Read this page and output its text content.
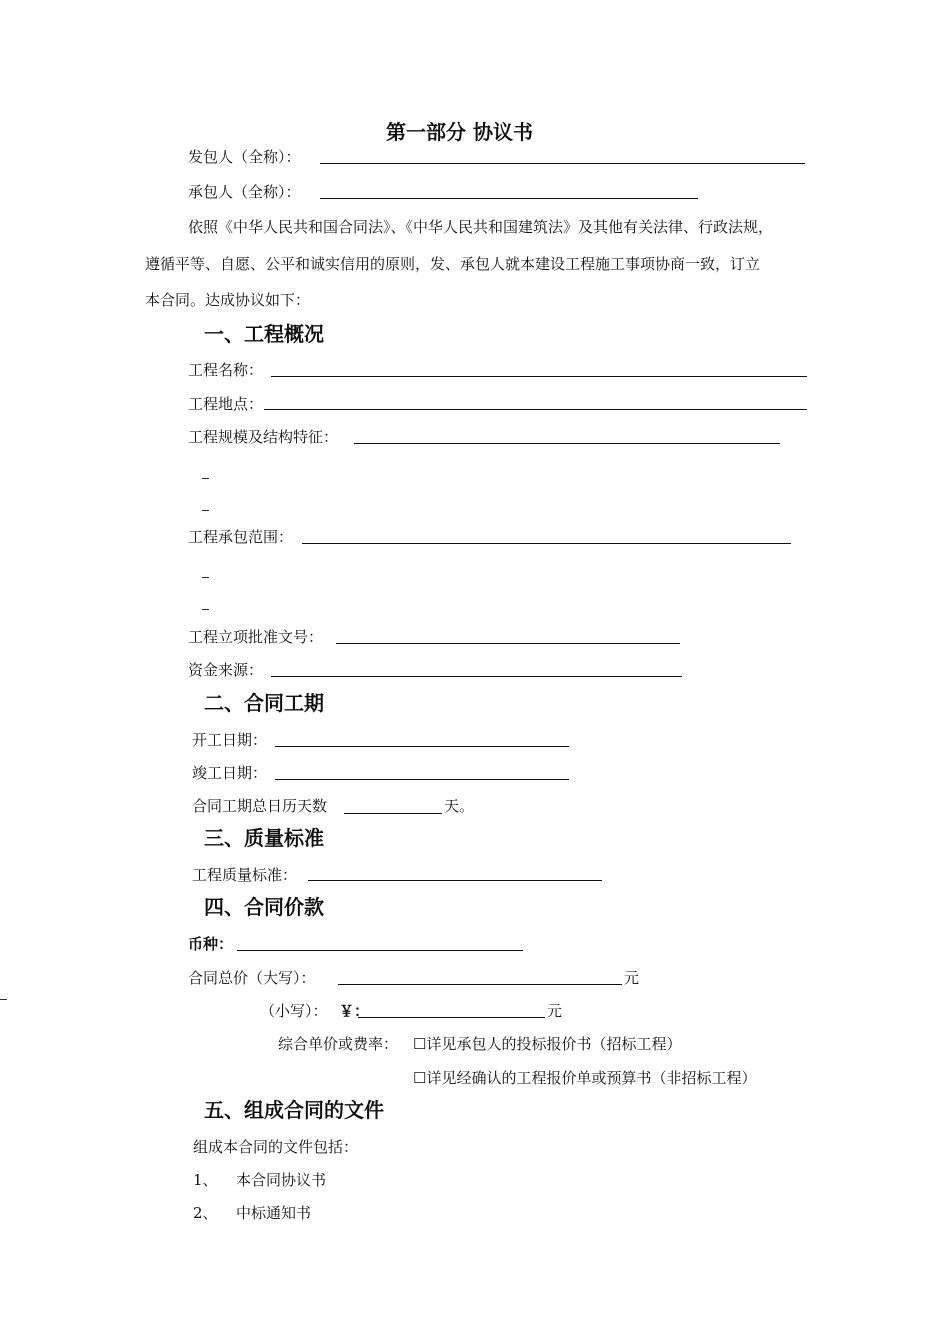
第一部分 协议书
发包人（全称）：
承包人（全称）：
依照《中华人民共和国合同法》、《中华人民共和国建筑法》及其他有关法律、行政法规，
遵循平等、自愿、公平和诚实信用的原则，发、承包人就本建设工程施工事项协商一致，订立
本合同。达成协议如下：
一、工程概况
工程名称：
工程地点：
工程规模及结构特征：
工程承包范围：
工程立项批准文号：
资金来源：
二、合同工期
开工日期：
竣工日期：
合同工期总日历天数	天。
三、质量标准
工程质量标准：
四、合同价款
币种：
合同总价（大写）：	元
（小写）： ￥：	元
综合单价或费率： ☐详见承包人的投标报价书（招标工程）
☐详见经确认的工程报价单或预算书（非招标工程）
五、组成合同的文件
组成本合同的文件包括：
1、 本合同协议书
2、 中标通知书
